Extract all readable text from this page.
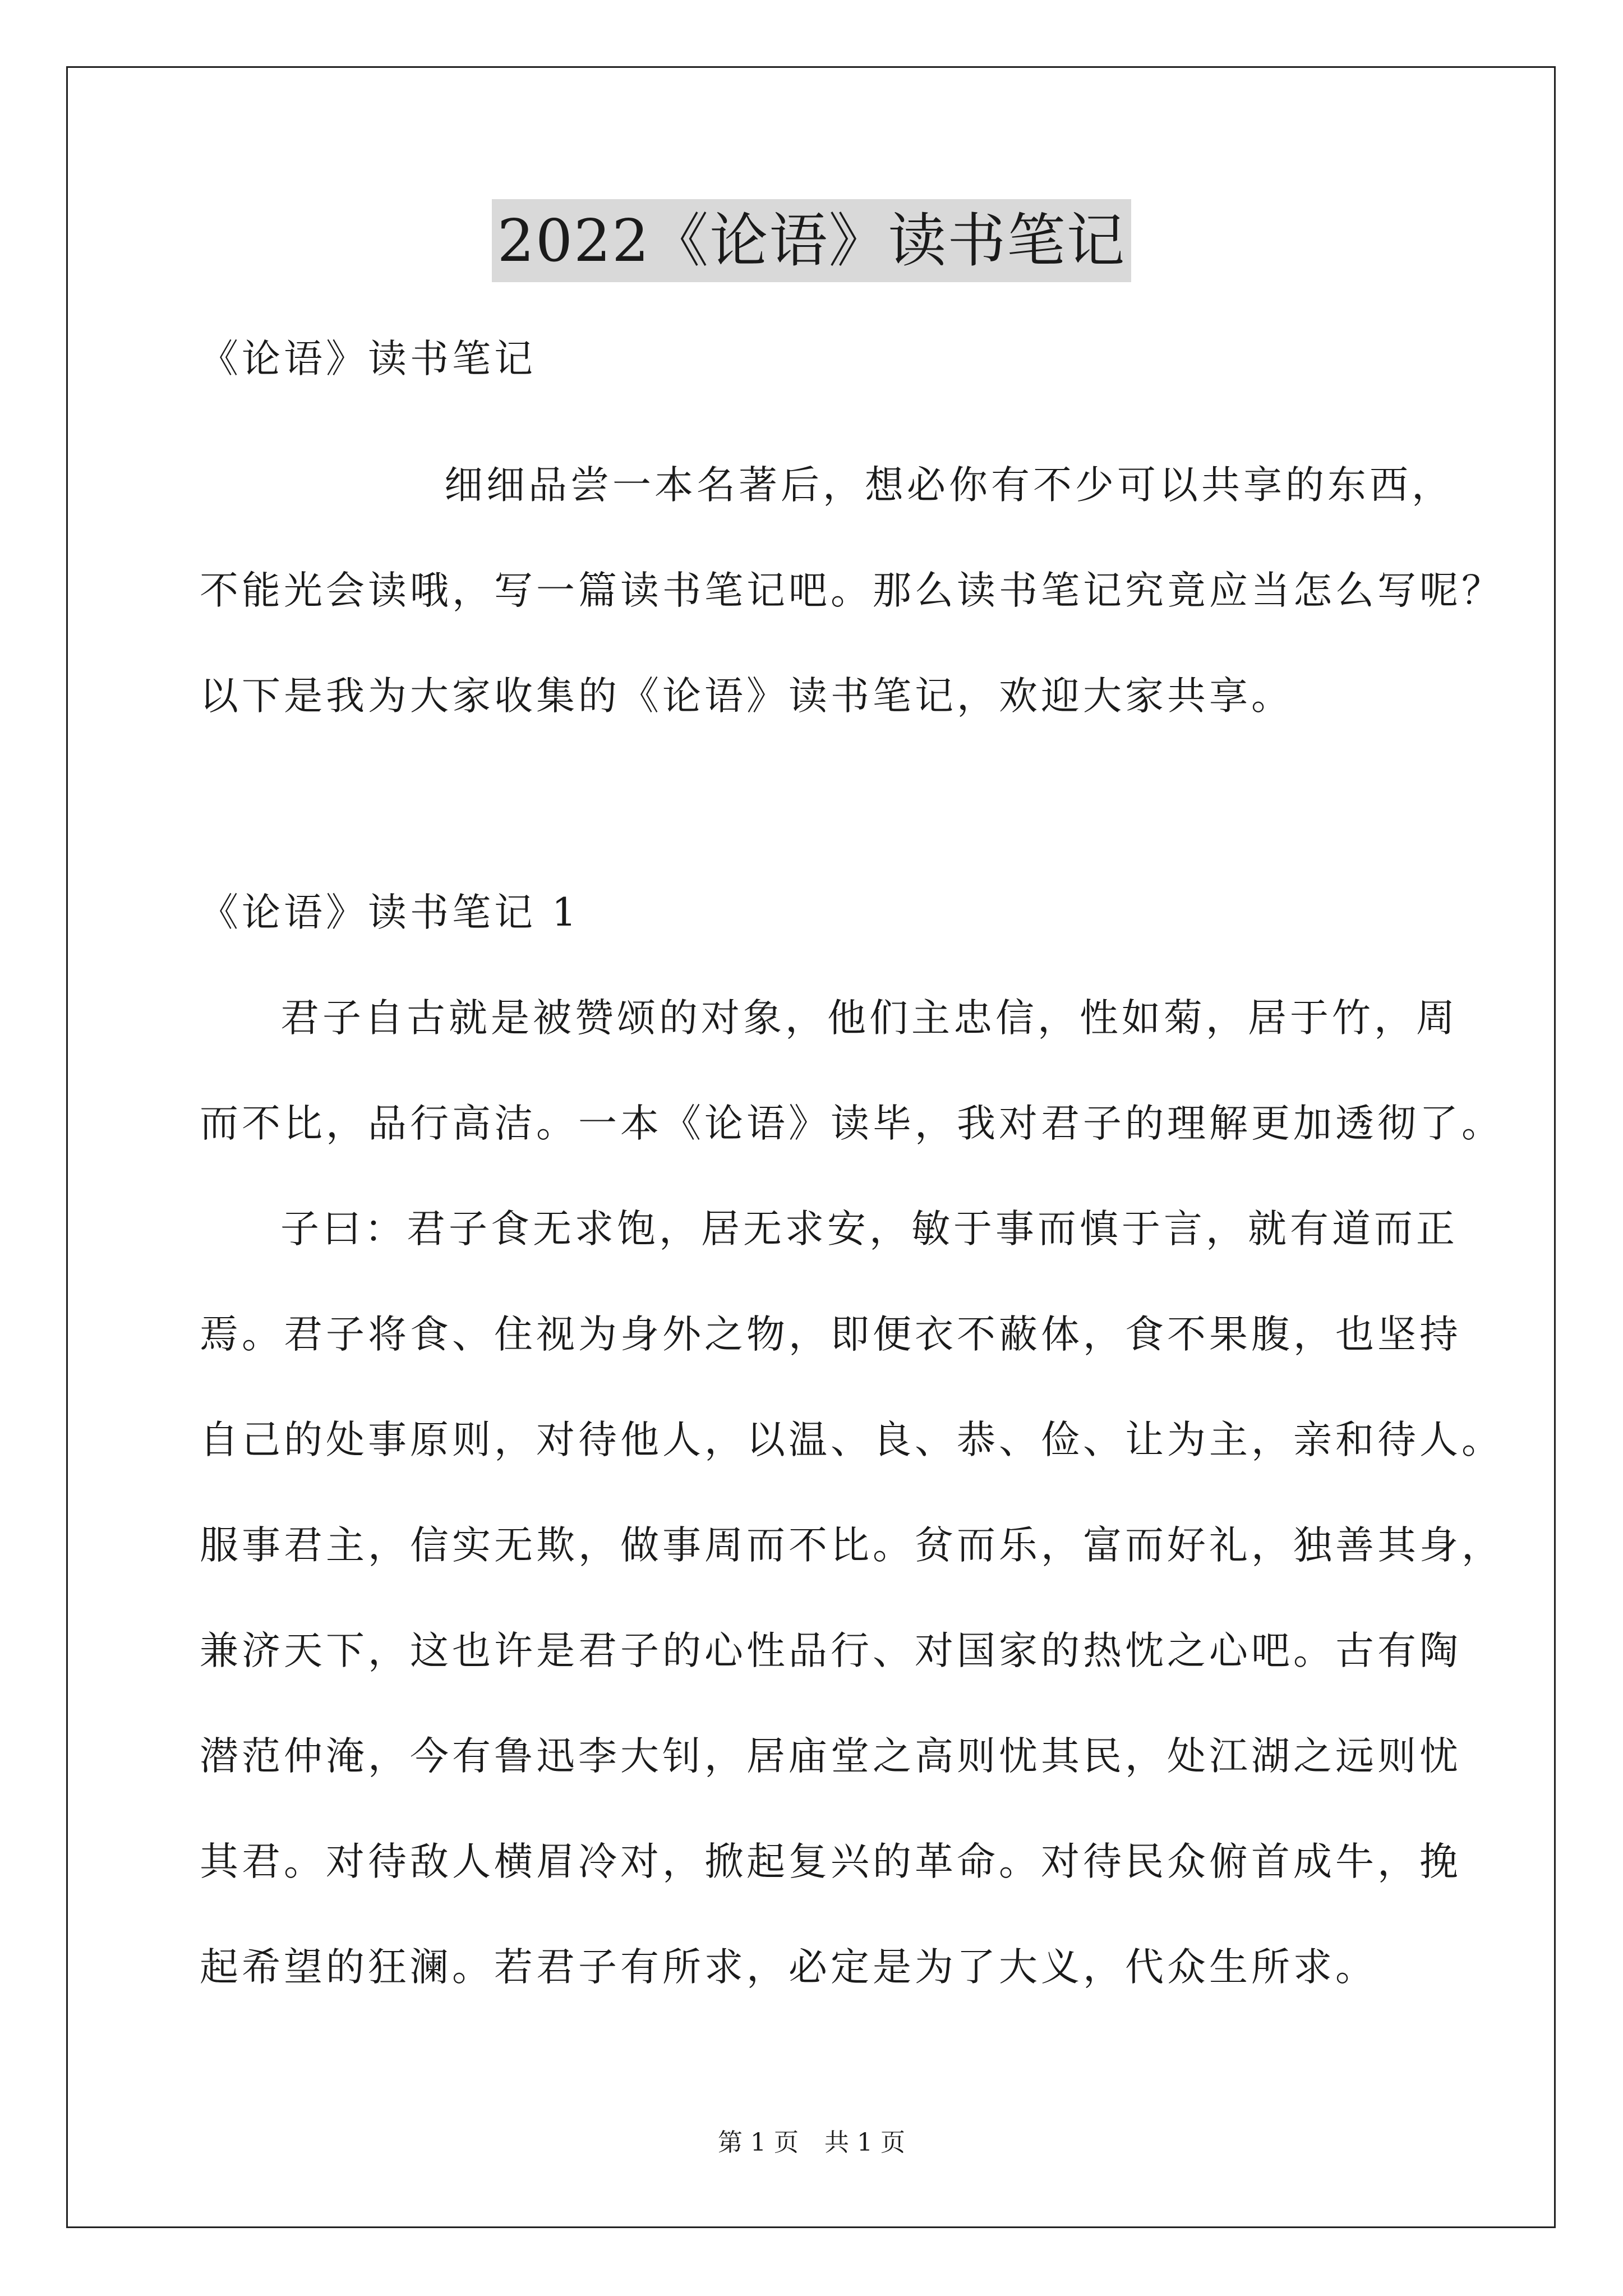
2022《论语》读书笔记
《论语》读书笔记
细细品尝一本名著后，想必你有不少可以共享的东西，
不能光会读哦，写一篇读书笔记吧。那么读书笔记究竟应当怎么写呢？
以下是我为大家收集的《论语》读书笔记，欢迎大家共享。
《论语》读书笔记 1
君子自古就是被赞颂的对象，他们主忠信，性如菊，居于竹，周
而不比，品行高洁。一本《论语》读毕，我对君子的理解更加透彻了。
子曰：君子食无求饱，居无求安，敏于事而慎于言，就有道而正
焉。君子将食、住视为身外之物，即便衣不蔽体，食不果腹，也坚持
自己的处事原则，对待他人，以温、良、恭、俭、让为主，亲和待人。
服事君主，信实无欺，做事周而不比。贫而乐，富而好礼，独善其身，
兼济天下，这也许是君子的心性品行、对国家的热忱之心吧。古有陶
潜范仲淹，今有鲁迅李大钊，居庙堂之高则忧其民，处江湖之远则忧
其君。对待敌人横眉冷对，掀起复兴的革命。对待民众俯首成牛，挽
起希望的狂澜。若君子有所求，必定是为了大义，代众生所求。
第 1 页 共 1 页
